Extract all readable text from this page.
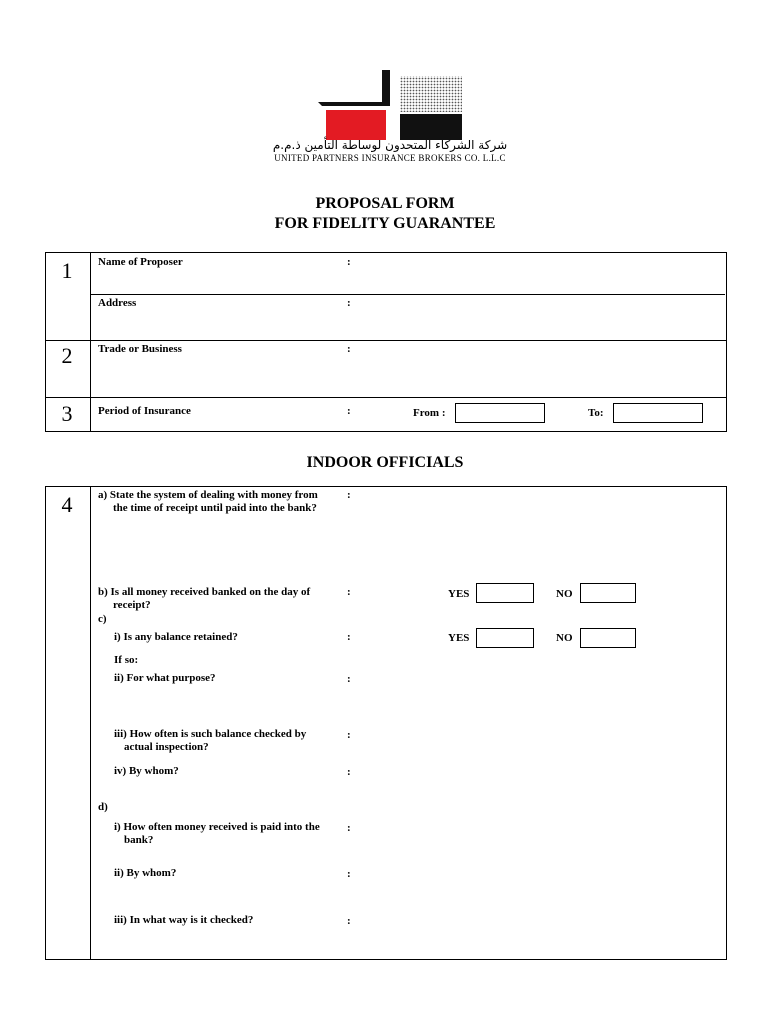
شركة الشركاء المتحدون لوساطة التأمين ذ.م.م
UNITED PARTNERS INSURANCE BROKERS CO. L.L.C
PROPOSAL FORM
FOR FIDELITY GUARANTEE
1	Name of Proposer	:
Address	:
2	Trade or Business	:
3	Period of Insurance	:	From :	To:
INDOOR OFFICIALS
4	a) State the system of dealing with money from
the time of receipt until paid into the bank?
:
b) Is all money received banked on the day of
receipt?
:	YES	NO
c)
i) Is any balance retained?	:	YES	NO
If so:
ii) For what purpose?	:
iii) How often is such balance checked by
actual inspection?
:
iv) By whom?	:
d)
i) How often money received is paid into the
bank?
:
ii) By whom?	:
iii) In what way is it checked?	:
